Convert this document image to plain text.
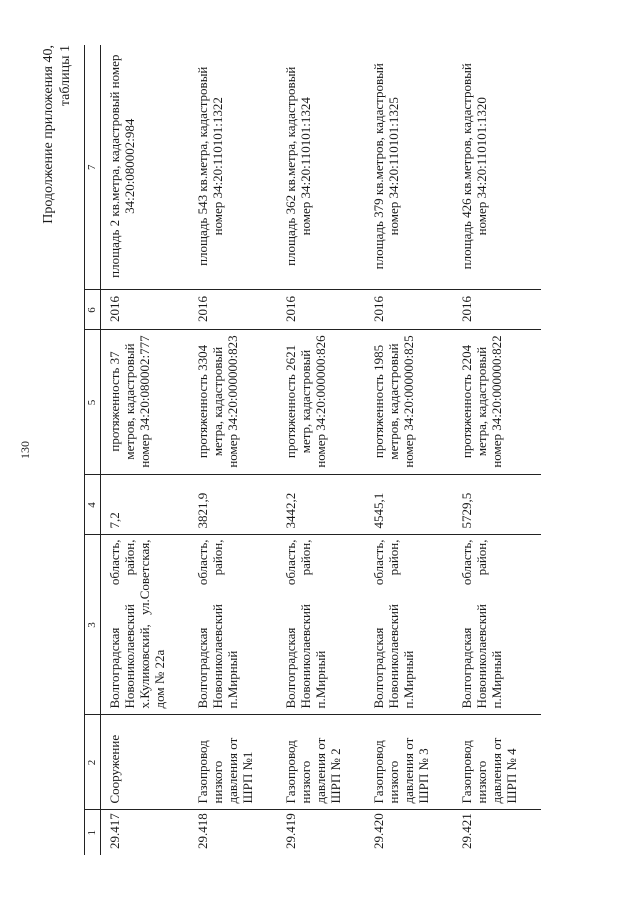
130
Продолжение приложения 40, таблицы 1
1	2	3	4	5	6	7
29.417	Сооружение	Волгоградская область, Новониколаевский район, х.Куликовский, ул.Советская, дом № 22а	7,2	протяженность 37 метров, кадастровый номер 34:20:080002:777	2016	площадь 2 кв.метра, кадастровый номер 34:20:080002:984
29.418	Газопровод низкого давления от ШРП №1	Волгоградская область, Новониколаевский район, п.Мирный	3821,9	протяженность 3304 метра, кадастровый номер 34:20:000000:823	2016	площадь 543 кв.метра, кадастровый номер 34:20:110101:1322
29.419	Газопровод низкого давления от ШРП № 2	Волгоградская область, Новониколаевский район, п.Мирный	3442,2	протяженность 2621 метр, кадастровый номер 34:20:000000:826	2016	площадь 362 кв.метра, кадастровый номер 34:20:110101:1324
29.420	Газопровод низкого давления от ШРП № 3	Волгоградская область, Новониколаевский район, п.Мирный	4545,1	протяженность 1985 метров, кадастровый номер 34:20:000000:825	2016	площадь 379 кв.метров, кадастровый номер 34:20:110101:1325
29.421	Газопровод низкого давления от ШРП № 4	Волгоградская область, Новониколаевский район, п.Мирный	5729,5	протяженность 2204 метра, кадастровый номер 34:20:000000:822	2016	площадь 426 кв.метров, кадастровый номер 34:20:110101:1320
